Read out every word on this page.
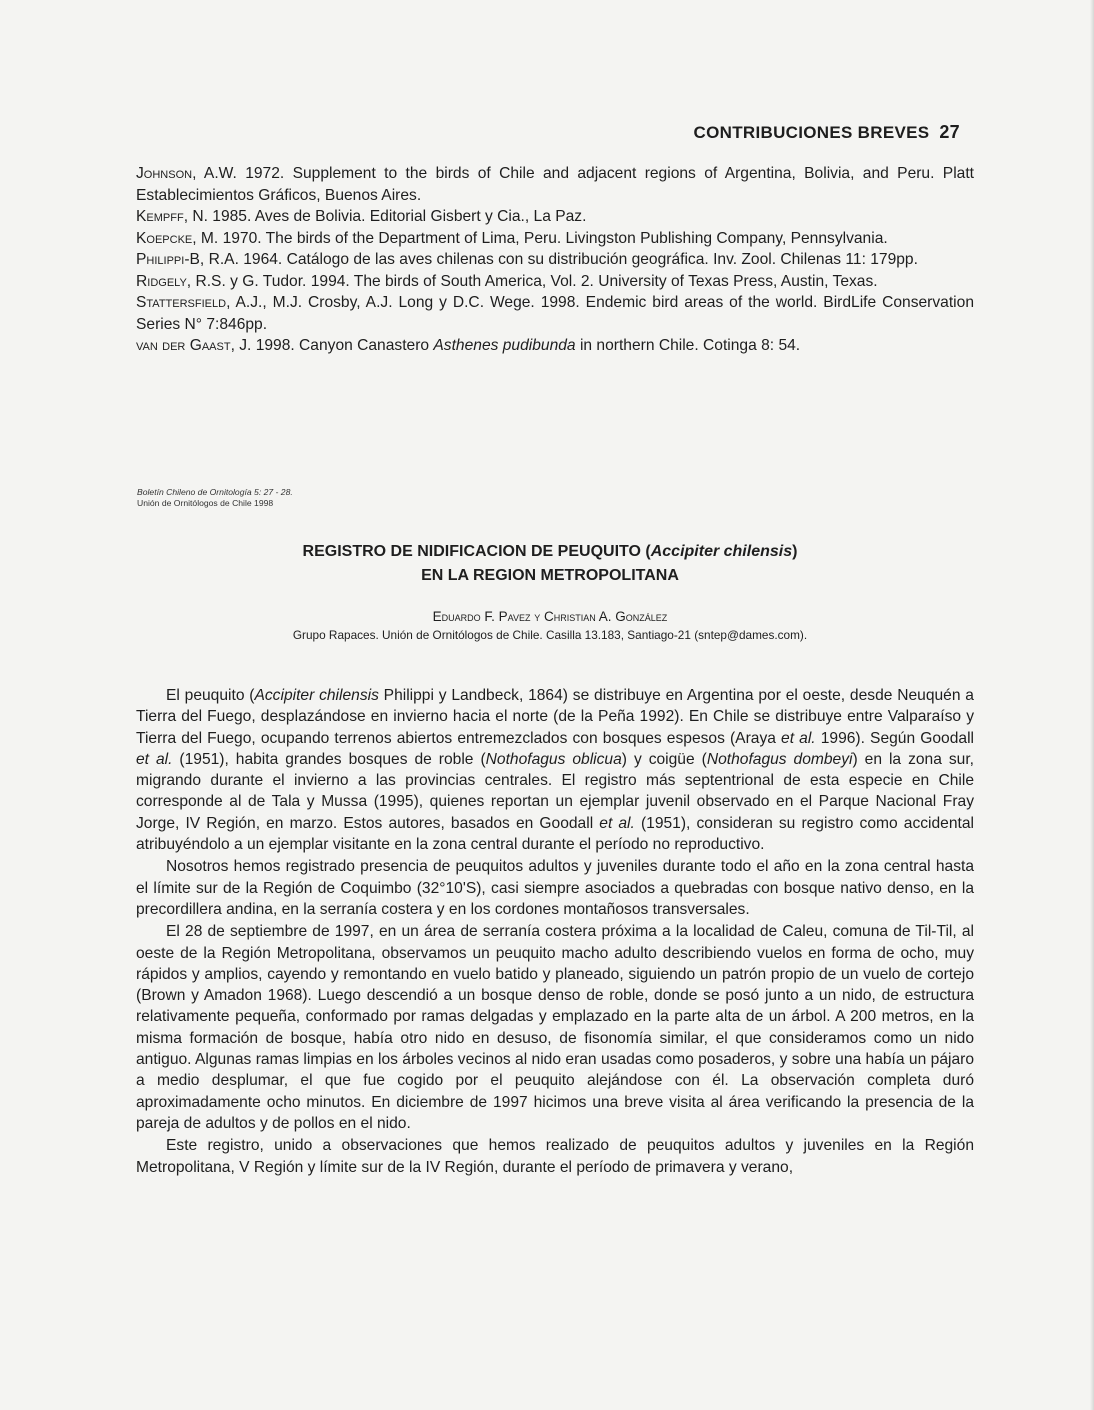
CONTRIBUCIONES BREVES 27
Johnson, A.W. 1972. Supplement to the birds of Chile and adjacent regions of Argentina, Bolivia, and Peru. Platt Establecimientos Gráficos, Buenos Aires.
Kempff, N. 1985. Aves de Bolivia. Editorial Gisbert y Cia., La Paz.
Koepcke, M. 1970. The birds of the Department of Lima, Peru. Livingston Publishing Company, Pennsylvania.
Philippi-B, R.A. 1964. Catálogo de las aves chilenas con su distribución geográfica. Inv. Zool. Chilenas 11: 179pp.
Ridgely, R.S. y G. Tudor. 1994. The birds of South America, Vol. 2. University of Texas Press, Austin, Texas.
Stattersfield, A.J., M.J. Crosby, A.J. Long y D.C. Wege. 1998. Endemic bird areas of the world. BirdLife Conservation Series N° 7:846pp.
van der Gaast, J. 1998. Canyon Canastero Asthenes pudibunda in northern Chile. Cotinga 8: 54.
Boletín Chileno de Ornitología 5: 27 - 28.
Unión de Ornitólogos de Chile 1998
REGISTRO DE NIDIFICACION DE PEUQUITO (Accipiter chilensis)
EN LA REGION METROPOLITANA
Eduardo F. Pavez y Christian A. González
Grupo Rapaces. Unión de Ornitólogos de Chile. Casilla 13.183, Santiago-21 (sntep@dames.com).

El peuquito (Accipiter chilensis Philippi y Landbeck, 1864) se distribuye en Argentina por el oeste, desde Neuquén a Tierra del Fuego, desplazándose en invierno hacia el norte (de la Peña 1992). En Chile se distribuye entre Valparaíso y Tierra del Fuego, ocupando terrenos abiertos entremezclados con bosques espesos (Araya et al. 1996). Según Goodall et al. (1951), habita grandes bosques de roble (Nothofagus oblicua) y coigüe (Nothofagus dombeyi) en la zona sur, migrando durante el invierno a las provincias centrales. El registro más septentrional de esta especie en Chile corresponde al de Tala y Mussa (1995), quienes reportan un ejemplar juvenil observado en el Parque Nacional Fray Jorge, IV Región, en marzo. Estos autores, basados en Goodall et al. (1951), consideran su registro como accidental atribuyéndolo a un ejemplar visitante en la zona central durante el período no reproductivo.

Nosotros hemos registrado presencia de peuquitos adultos y juveniles durante todo el año en la zona central hasta el límite sur de la Región de Coquimbo (32°10'S), casi siempre asociados a quebradas con bosque nativo denso, en la precordillera andina, en la serranía costera y en los cordones montañosos transversales.

El 28 de septiembre de 1997, en un área de serranía costera próxima a la localidad de Caleu, comuna de Til-Til, al oeste de la Región Metropolitana, observamos un peuquito macho adulto describiendo vuelos en forma de ocho, muy rápidos y amplios, cayendo y remontando en vuelo batido y planeado, siguiendo un patrón propio de un vuelo de cortejo (Brown y Amadon 1968). Luego descendió a un bosque denso de roble, donde se posó junto a un nido, de estructura relativamente pequeña, conformado por ramas delgadas y emplazado en la parte alta de un árbol. A 200 metros, en la misma formación de bosque, había otro nido en desuso, de fisonomía similar, el que consideramos como un nido antiguo. Algunas ramas limpias en los árboles vecinos al nido eran usadas como posaderos, y sobre una había un pájaro a medio desplumar, el que fue cogido por el peuquito alejándose con él. La observación completa duró aproximadamente ocho minutos. En diciembre de 1997 hicimos una breve visita al área verificando la presencia de la pareja de adultos y de pollos en el nido.

Este registro, unido a observaciones que hemos realizado de peuquitos adultos y juveniles en la Región Metropolitana, V Región y límite sur de la IV Región, durante el período de primavera y verano,
